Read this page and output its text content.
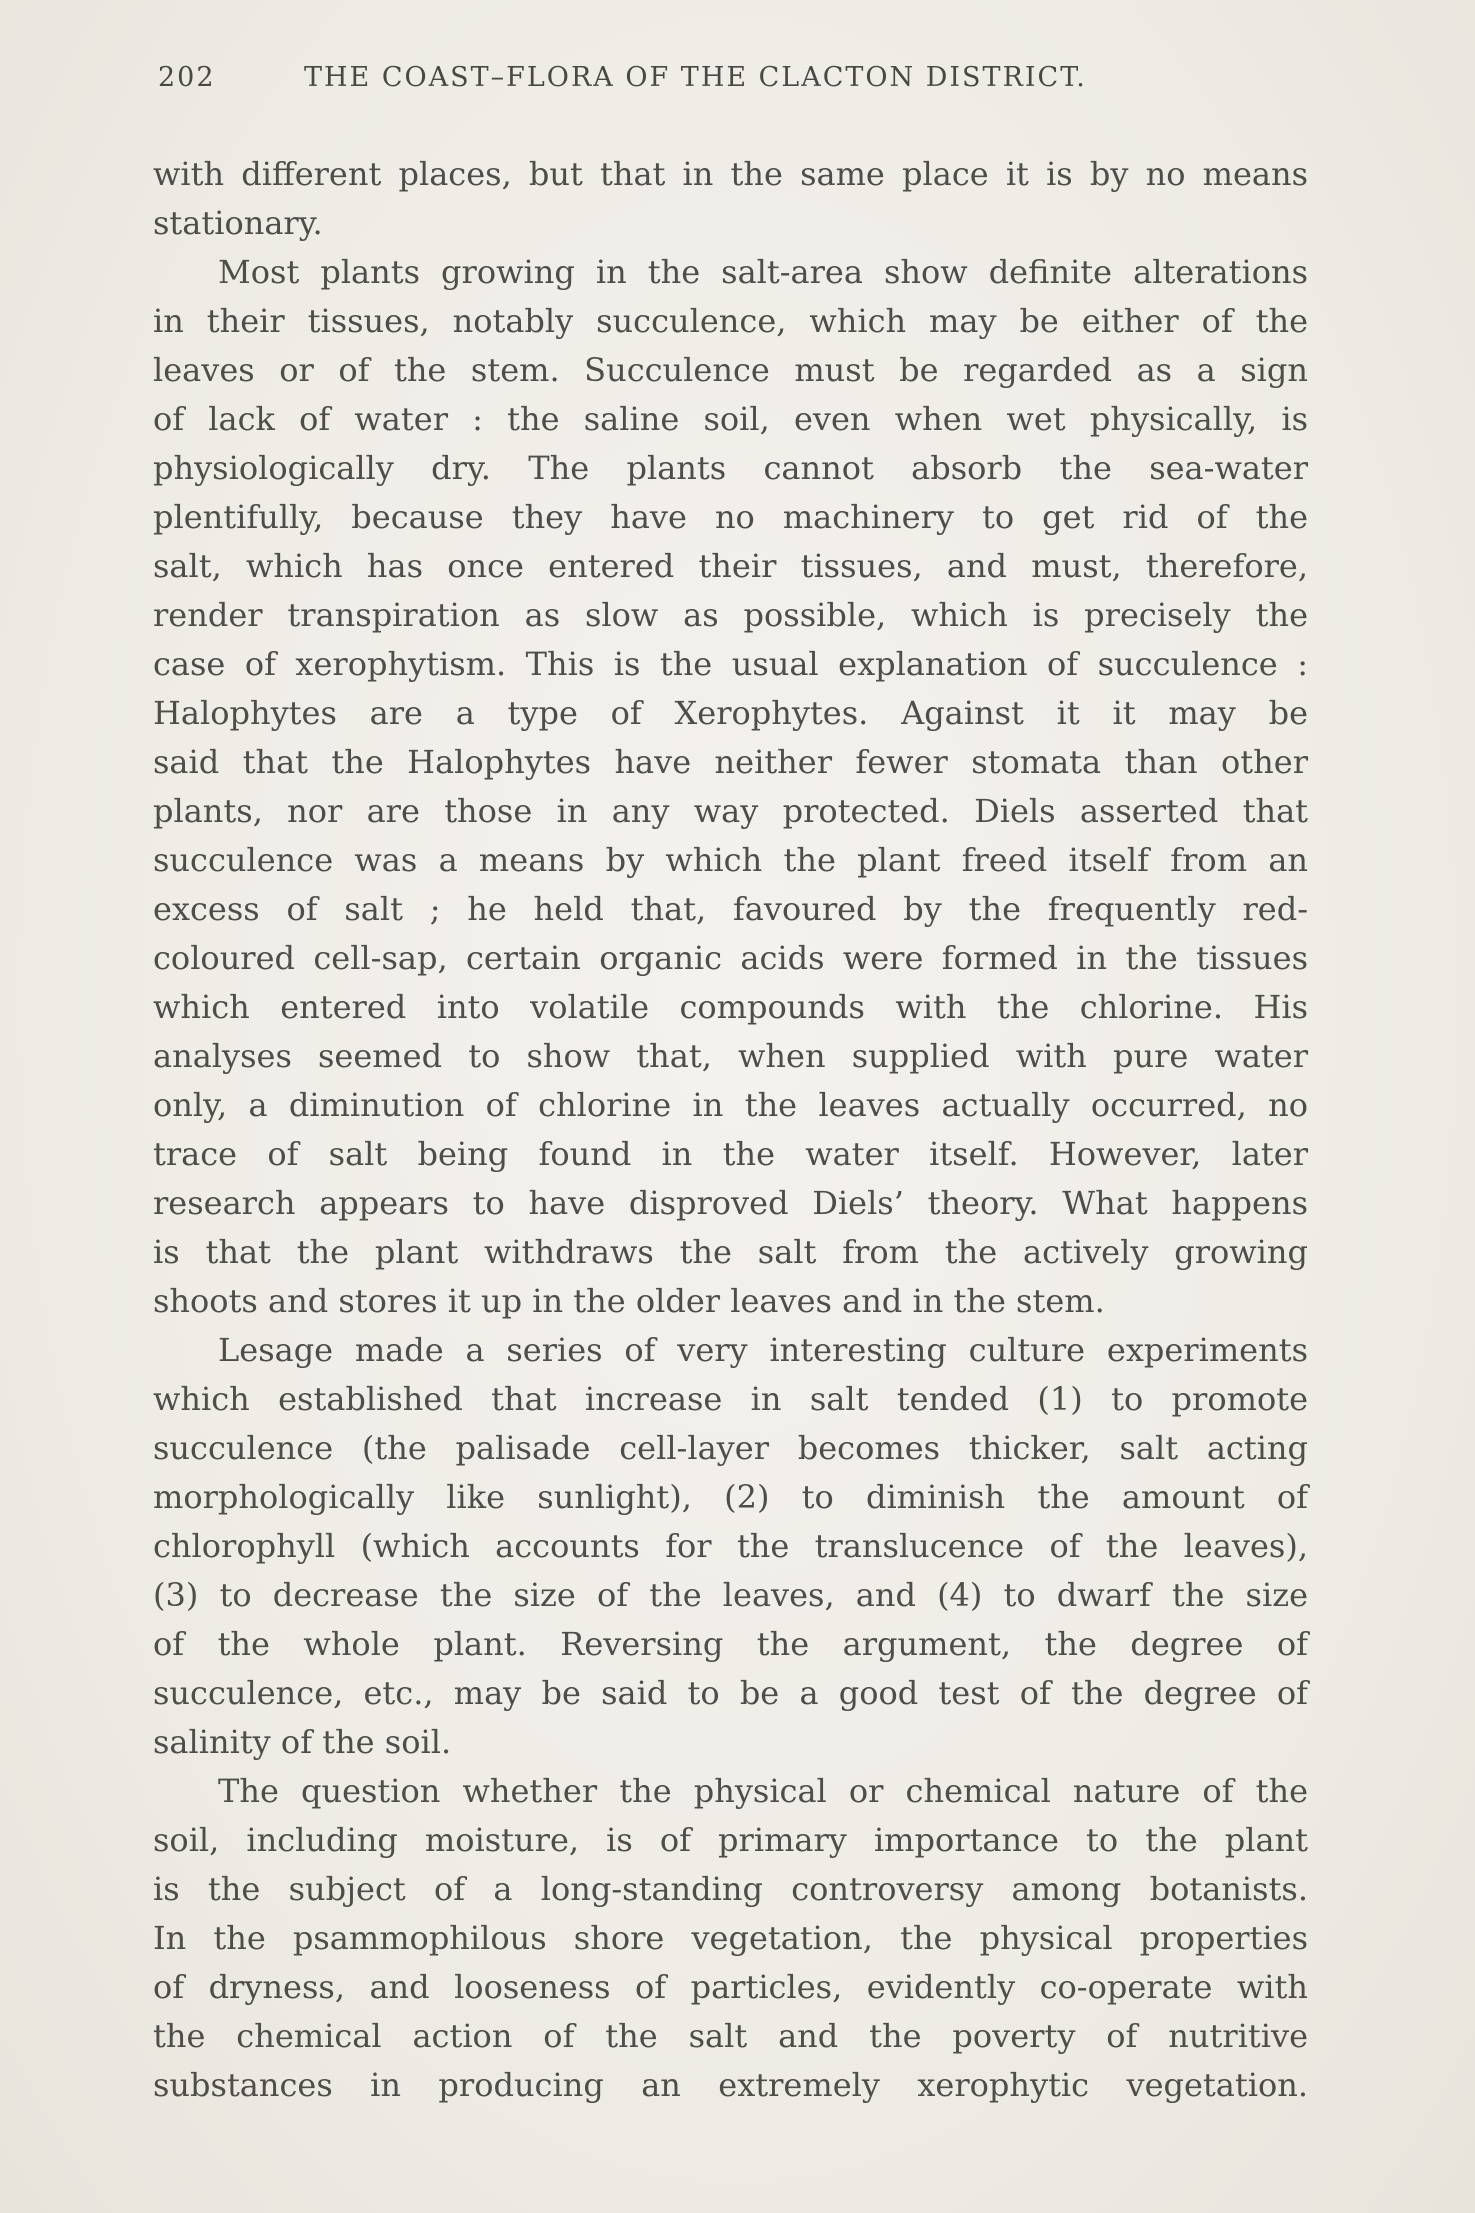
202	THE COAST–FLORA OF THE CLACTON DISTRICT.
with different places, but that in the same place it is by no means
stationary.
Most plants growing in the salt-area show definite alterations
in their tissues, notably succulence, which may be either of the
leaves or of the stem. Succulence must be regarded as a sign
of lack of water : the saline soil, even when wet physically, is
physiologically dry. The plants cannot absorb the sea-water
plentifully, because they have no machinery to get rid of the
salt, which has once entered their tissues, and must, therefore,
render transpiration as slow as possible, which is precisely the
case of xerophytism. This is the usual explanation of succulence :
Halophytes are a type of Xerophytes. Against it it may be
said that the Halophytes have neither fewer stomata than other
plants, nor are those in any way protected. Diels asserted that
succulence was a means by which the plant freed itself from an
excess of salt ; he held that, favoured by the frequently red-
coloured cell-sap, certain organic acids were formed in the tissues
which entered into volatile compounds with the chlorine. His
analyses seemed to show that, when supplied with pure water
only, a diminution of chlorine in the leaves actually occurred, no
trace of salt being found in the water itself. However, later
research appears to have disproved Diels’ theory. What happens
is that the plant withdraws the salt from the actively growing
shoots and stores it up in the older leaves and in the stem.
Lesage made a series of very interesting culture experiments
which established that increase in salt tended (1) to promote
succulence (the palisade cell-layer becomes thicker, salt acting
morphologically like sunlight), (2) to diminish the amount of
chlorophyll (which accounts for the translucence of the leaves),
(3) to decrease the size of the leaves, and (4) to dwarf the size
of the whole plant. Reversing the argument, the degree of
succulence, etc., may be said to be a good test of the degree of
salinity of the soil.
The question whether the physical or chemical nature of the
soil, including moisture, is of primary importance to the plant
is the subject of a long-standing controversy among botanists.
In the psammophilous shore vegetation, the physical properties
of dryness, and looseness of particles, evidently co-operate with
the chemical action of the salt and the poverty of nutritive
substances in producing an extremely xerophytic vegetation.
